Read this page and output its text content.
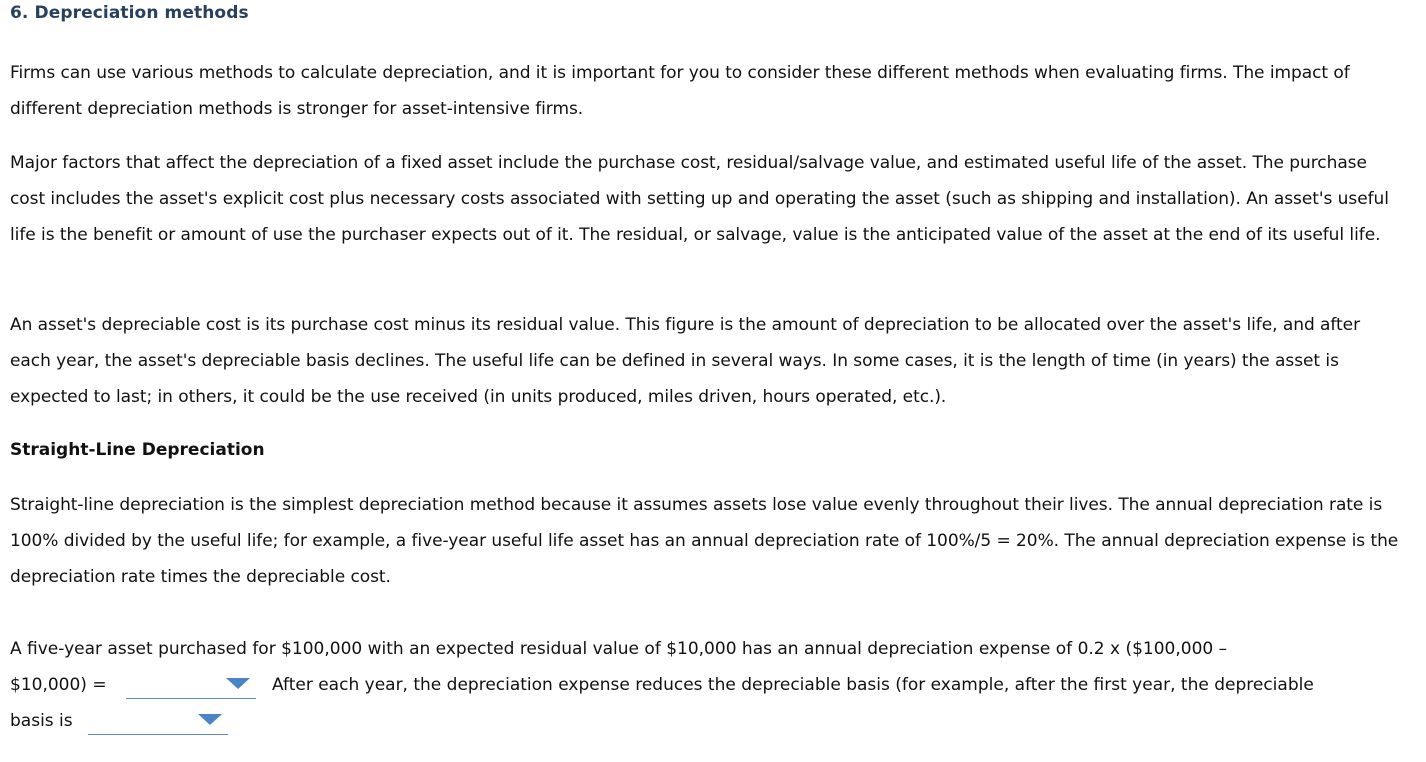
6. Depreciation methods

Firms can use various methods to calculate depreciation, and it is important for you to consider these different methods when evaluating firms. The impact of different depreciation methods is stronger for asset-intensive firms.

Major factors that affect the depreciation of a fixed asset include the purchase cost, residual/salvage value, and estimated useful life of the asset. The purchase cost includes the asset's explicit cost plus necessary costs associated with setting up and operating the asset (such as shipping and installation). An asset's useful life is the benefit or amount of use the purchaser expects out of it. The residual, or salvage, value is the anticipated value of the asset at the end of its useful life.

An asset's depreciable cost is its purchase cost minus its residual value. This figure is the amount of depreciation to be allocated over the asset's life, and after each year, the asset's depreciable basis declines. The useful life can be defined in several ways. In some cases, it is the length of time (in years) the asset is expected to last; in others, it could be the use received (in units produced, miles driven, hours operated, etc.).

Straight-Line Depreciation

Straight-line depreciation is the simplest depreciation method because it assumes assets lose value evenly throughout their lives. The annual depreciation rate is 100% divided by the useful life; for example, a five-year useful life asset has an annual depreciation rate of 100%/5 = 20%. The annual depreciation expense is the depreciation rate times the depreciable cost.

A five-year asset purchased for $100,000 with an expected residual value of $10,000 has an annual depreciation expense of 0.2 x ($100,000 –
$10,000) =	After each year, the depreciation expense reduces the depreciable basis (for example, after the first year, the depreciable
basis is
